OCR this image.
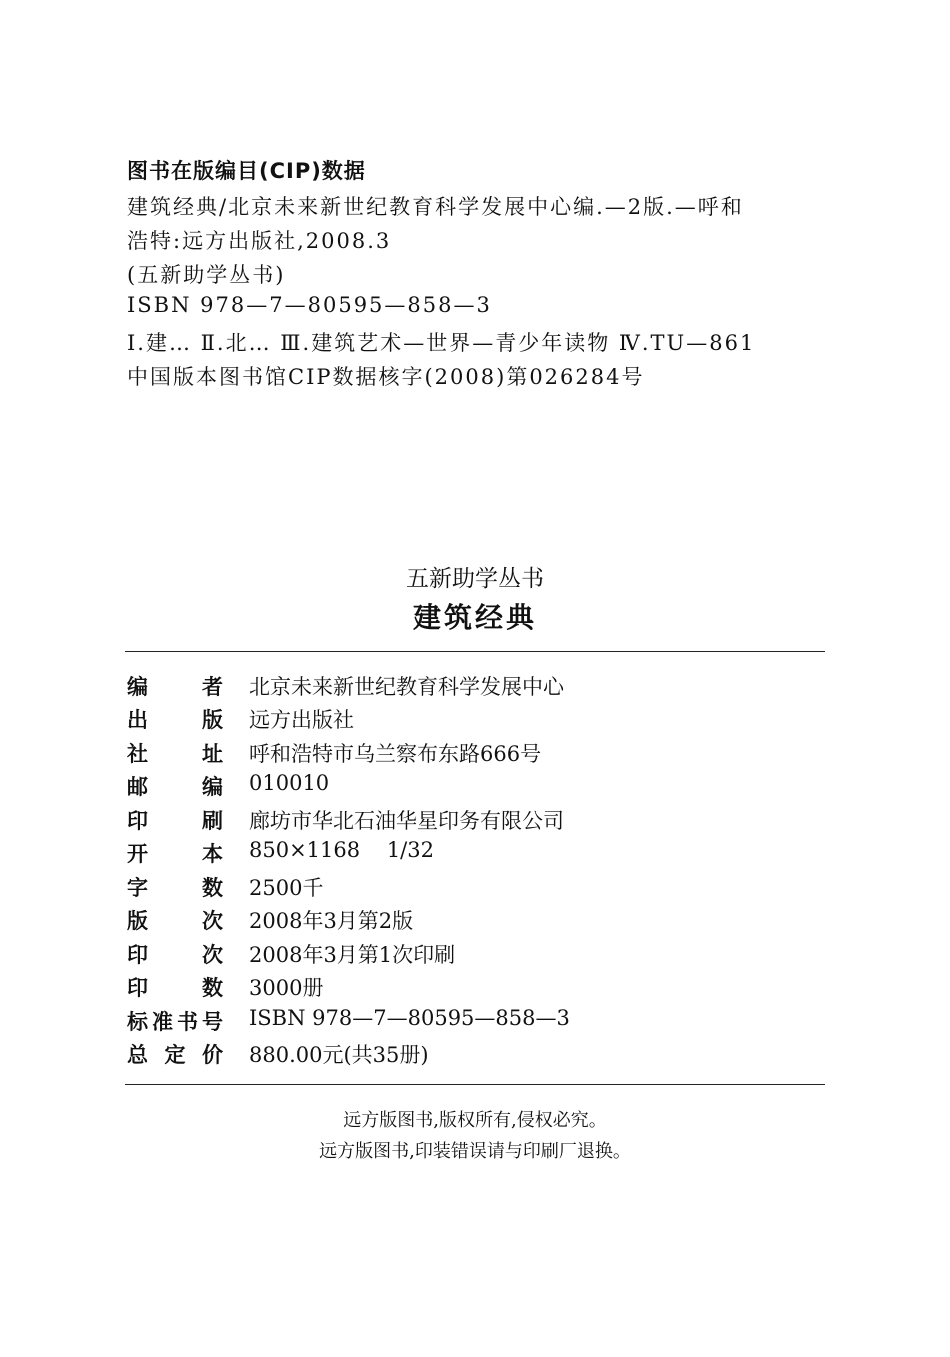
图书在版编目(CIP)数据
建筑经典/北京未来新世纪教育科学发展中心编.—2版.—呼和
浩特:远方出版社,2008.3
(五新助学丛书)
ISBN 978—7—80595—858—3
Ⅰ.建… Ⅱ.北… Ⅲ.建筑艺术—世界—青少年读物 Ⅳ.TU—861
中国版本图书馆CIP数据核字(2008)第026284号
五新助学丛书
建筑经典
编	者 北京未来新世纪教育科学发展中心
出	版 远方出版社
社	址 呼和浩特市乌兰察布东路666号
邮	编 010010
印	刷 廊坊市华北石油华星印务有限公司
开	本 850×1168    1/32
字	数 2500千
版	次 2008年3月第2版
印	次 2008年3月第1次印刷
印	数 3000册
标 准 书 号 ISBN 978—7—80595—858—3
总 定 价 880.00元(共35册)
远方版图书,版权所有,侵权必究。
远方版图书,印装错误请与印刷厂退换。
